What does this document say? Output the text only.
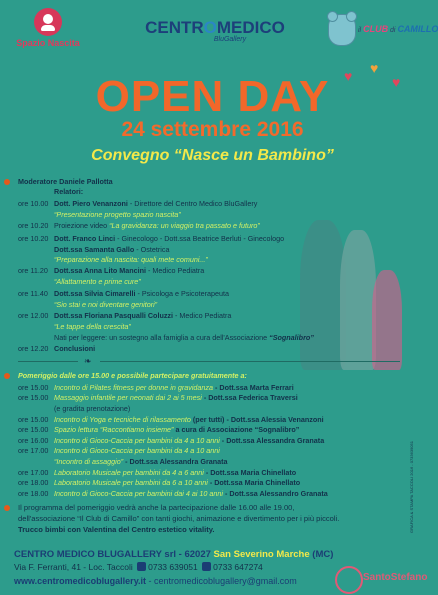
Spazio Nascita
CENTROMEDICO
BluGallery
il CLUB di CAMILLO
♥ ♥
♥
OPEN DAY
24 settembre 2016
Convegno “Nasce un Bambino”
Moderatore Daniele Pallotta
Relatori:
ore 10.00 Dott. Piero Venanzoni - Direttore del Centro Medico BluGallery
“Presentazione progetto spazio nascita”
ore 10.20 Proiezione video “La gravidanza: un viaggio tra passato e futuro”
ore 10.20 Dott. Franco Linci - Ginecologo - Dott.ssa Beatrice Berluti - Ginecologo
Dott.ssa Samanta Gallo - Ostetrica
“Preparazione alla nascita: quali mete comuni...”
ore 11.20 Dott.ssa Anna Lito Mancini - Medico Pediatra
“Allattamento e prime cure”
ore 11.40 Dott.ssa Silvia Cimarelli - Psicologa e Psicoterapeuta
“Sio stai e noi diventare genitori”
ore 12.00 Dott.ssa Floriana Pasqualli Coluzzi - Medico Pediatra
“Le tappe della crescita”
Nati per leggere: un sostegno alla famiglia a cura dell'Associazione “Sognalibro”
ore 12.20 Conclusioni
❧
Pomeriggio dalle ore 15.00 e possibile partecipare gratuitamente a:
ore 15.00 Incontro di Pilates fitness per donne in gravidanza - Dott.ssa Marta Ferrari
ore 15.00 Massaggio infantile per neonati dai 2 ai 5 mesi - Dott.ssa Federica Traversi
(e gradita prenotazione)
ore 15.00 Incontro di Yoga e tecniche di rilassamento (per tutti) - Dott.ssa Alessia Venanzoni
ore 15.00 Spazio lettura “Raccontiamo insieme” a cura di Associazione “Sognalibro”
ore 16.00 Incontro di Gioco-Caccia per bambini da 4 a 10 anni - Dott.ssa Alessandra Granata
ore 17.00 Incontro di Gioco-Caccia per bambini da 4 a 10 anni
“Incontro di assaggio” - Dott.ssa Alessandra Granata
ore 17.00 Laboratorio Musicale per bambini da 4 a 6 anni - Dott.ssa Maria Chinellato
ore 18.00 Laboratorio Musicale per bambini da 6 a 10 anni - Dott.ssa Maria Chinellato
ore 18.00 Incontro di Gioco-Caccia per bambini dai 4 ai 10 anni - Dott.ssa Alessandro Granata
Il programma del pomeriggio vedrà anche la partecipazione dalle 16.00 alle 19.00,
dell'associazione “Il Club di Camillo” con tanti giochi, animazione e divertimento per i più piccoli.
Trucco bimbi con Valentina del Centro estetico vitality.
CENTRO MEDICO BLUGALLERY srl - 62027 San Severino Marche (MC)
Via F. Ferranti, 41 - Loc. Taccoli 0733 639051 0733 647274
www.centromedicoblugallery.it - centromedicoblugallery@gmail.com	SantoStefano
GRAFICA & STAMPA TACCOLI 2016 - 0733639051
